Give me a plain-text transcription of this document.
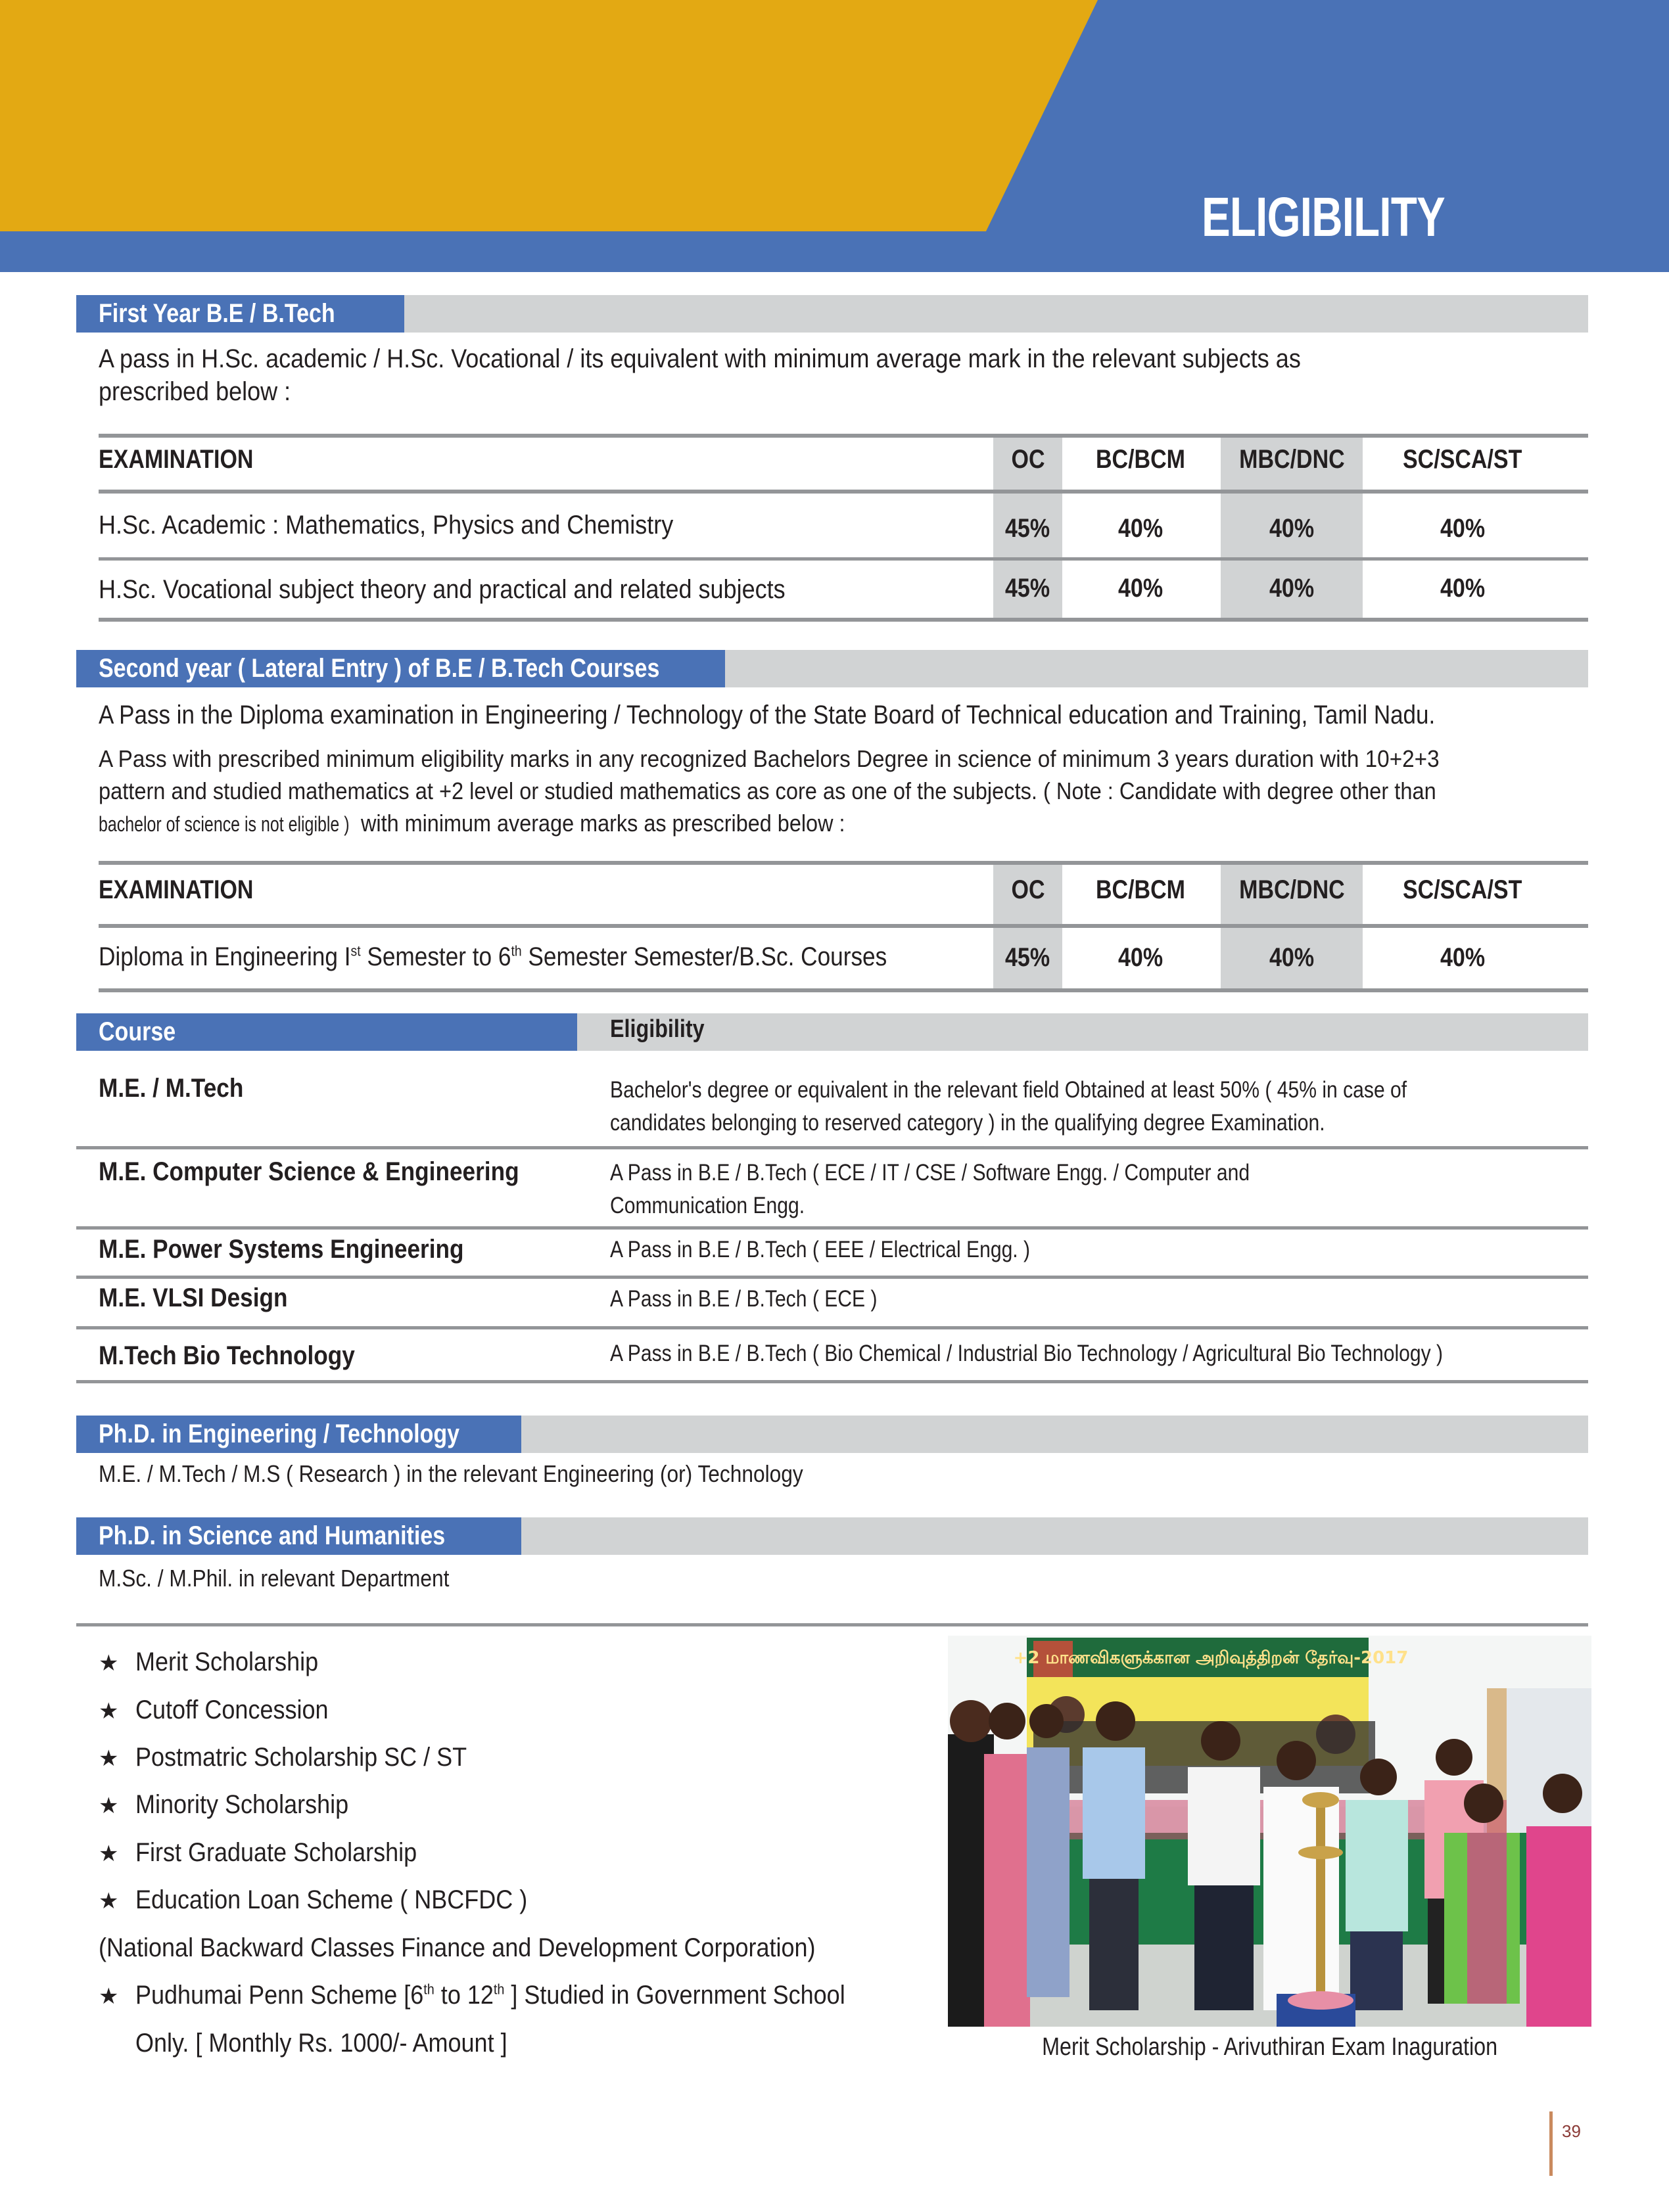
ELIGIBILITY
First Year B.E / B.Tech
A pass in H.Sc. academic / H.Sc. Vocational / its equivalent with minimum average mark in the relevant subjects as
prescribed below :
EXAMINATION	OC	BC/BCM	MBC/DNC	SC/SCA/ST
H.Sc. Academic : Mathematics, Physics and Chemistry	45%	40%	40%	40%
H.Sc. Vocational subject theory and practical and related subjects	45%	40%	40%	40%
Second year ( Lateral Entry ) of B.E / B.Tech Courses
A Pass in the Diploma examination in Engineering / Technology of the State Board of Technical education and Training, Tamil Nadu.
A Pass with prescribed minimum eligibility marks in any recognized Bachelors Degree in science of minimum 3 years duration with 10+2+3
pattern and studied mathematics at +2 level or studied mathematics as core as one of the subjects. ( Note : Candidate with degree other than
bachelor of science is not eligible )with minimum average marks as prescribed below :
EXAMINATION	OC	BC/BCM	MBC/DNC	SC/SCA/ST
Diploma in Engineering Ist Semester to 6th Semester Semester/B.Sc. Courses	45%	40%	40%	40%
Course	Eligibility
M.E. / M.Tech	Bachelor's degree or equivalent in the relevant field Obtained at least 50% ( 45% in case of
candidates belonging to reserved category ) in the qualifying degree Examination.
M.E. Computer Science & Engineering	A Pass in B.E / B.Tech ( ECE / IT / CSE / Software Engg. / Computer and
Communication Engg.
M.E. Power Systems Engineering	A Pass in B.E / B.Tech ( EEE / Electrical Engg. )
M.E. VLSI Design	A Pass in B.E / B.Tech ( ECE )
M.Tech Bio Technology	A Pass in B.E / B.Tech ( Bio Chemical / Industrial Bio Technology / Agricultural Bio Technology )
Ph.D. in Engineering / Technology
M.E. / M.Tech / M.S ( Research ) in the relevant Engineering (or) Technology
Ph.D. in Science and Humanities
M.Sc. / M.Phil. in relevant Department
★ Merit Scholarship
★ Cutoff Concession
★ Postmatric Scholarship SC / ST
★ Minority Scholarship
★ First Graduate Scholarship
★ Education Loan Scheme ( NBCFDC )
(National Backward Classes Finance and Development Corporation)
★ Pudhumai Penn Scheme [6th to 12th ] Studied in Government School
Only. [ Monthly Rs. 1000/- Amount ]
+2 மாணவிகளுக்கான அறிவுத்திறன் தேர்வு-2017
Merit Scholarship - Arivuthiran Exam Inaguration
39
